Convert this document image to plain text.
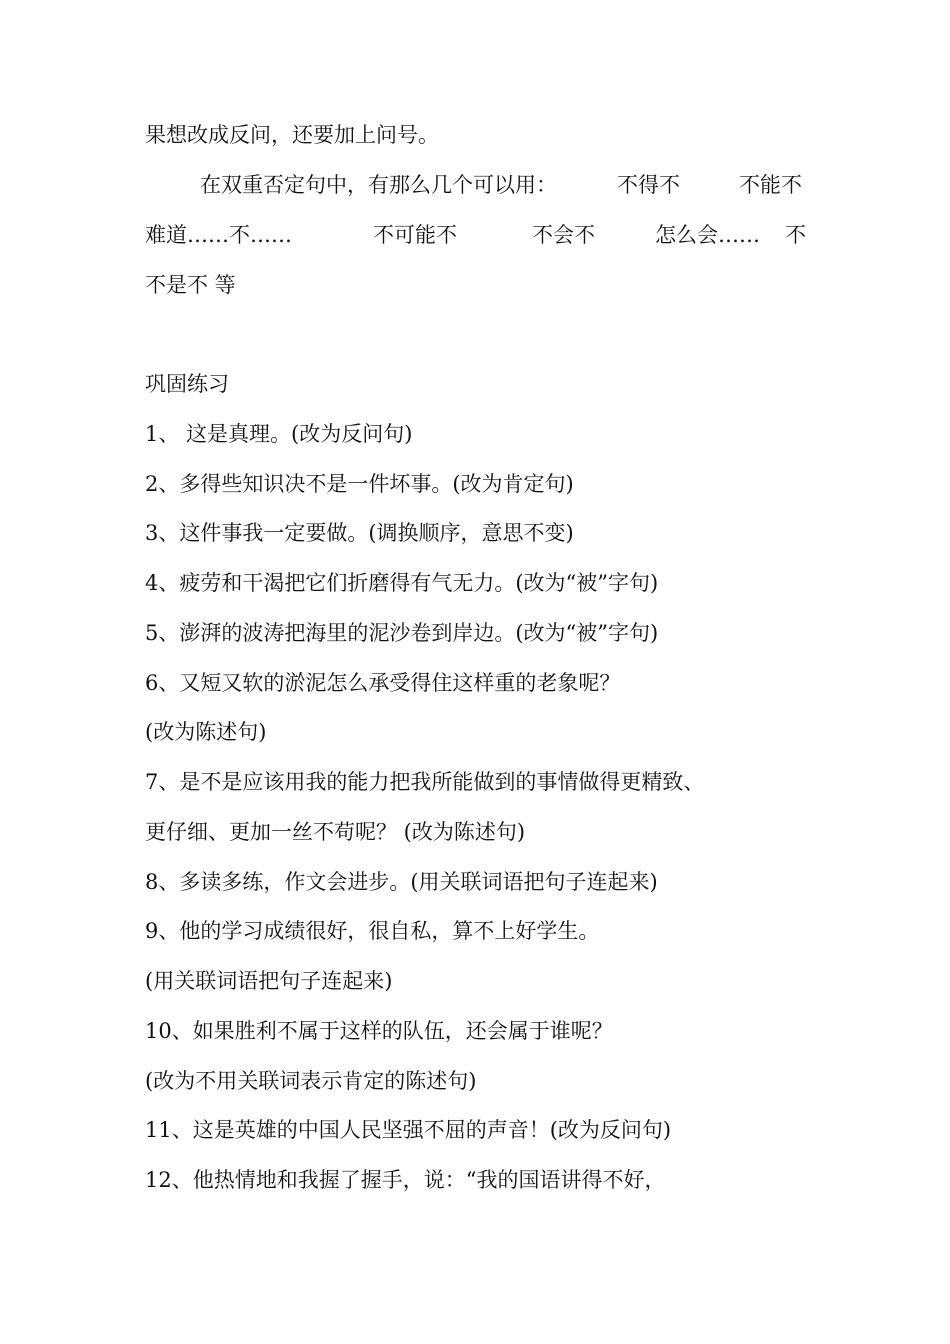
果想改成反问，还要加上问号。
在双重否定句中，有那么几个可以用：	不得不	不能不
难道……不……	不可能不	不会不	怎么会…… 不
不是不 等
巩固练习
1、 这是真理。(改为反问句)
2、多得些知识决不是一件坏事。(改为肯定句)
3、这件事我一定要做。(调换顺序，意思不变)
4、疲劳和干渴把它们折磨得有气无力。(改为“被”字句)
5、澎湃的波涛把海里的泥沙卷到岸边。(改为“被”字句)
6、又短又软的淤泥怎么承受得住这样重的老象呢？
(改为陈述句)
7、是不是应该用我的能力把我所能做到的事情做得更精致、
更仔细、更加一丝不苟呢？ (改为陈述句)
8、多读多练，作文会进步。(用关联词语把句子连起来)
9、他的学习成绩很好，很自私，算不上好学生。
(用关联词语把句子连起来)
10、如果胜利不属于这样的队伍，还会属于谁呢？
(改为不用关联词表示肯定的陈述句)
11、这是英雄的中国人民坚强不屈的声音！(改为反问句)
12、他热情地和我握了握手，说：“我的国语讲得不好，
